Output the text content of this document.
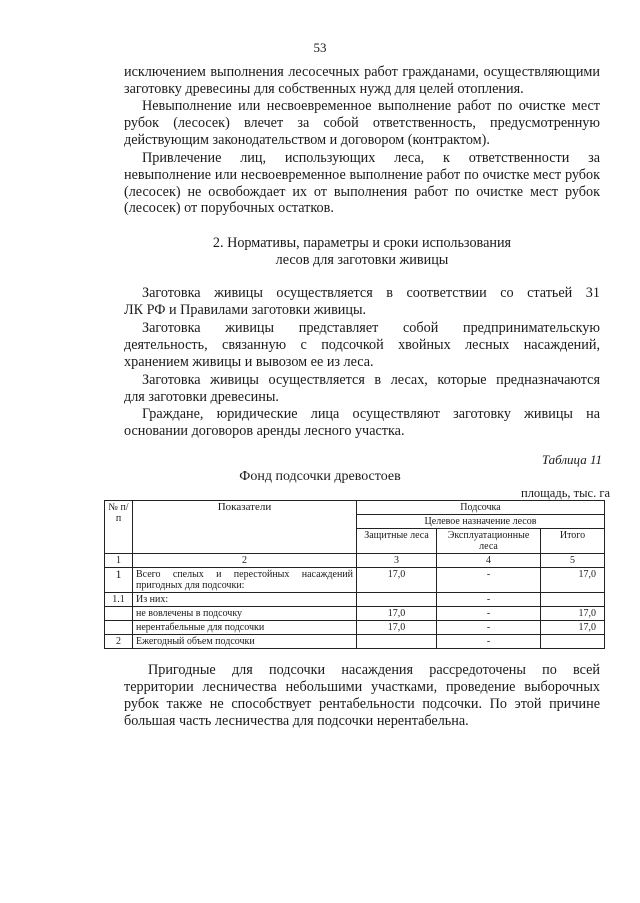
53
исключением выполнения лесосечных работ гражданами, осуществляющими
заготовку древесины для собственных нужд для целей отопления.
Невыполнение или несвоевременное выполнение работ по очистке мест
рубок (лесосек) влечет за собой ответственность, предусмотренную
действующим законодательством и договором (контрактом).
Привлечение лиц, использующих леса, к ответственности за
невыполнение или несвоевременное выполнение работ по очистке мест рубок
(лесосек) не освобождает их от выполнения работ по очистке мест рубок
(лесосек) от порубочных остатков.
2. Нормативы, параметры и сроки использования
лесов для заготовки живицы
Заготовка живицы осуществляется в соответствии со статьей 31
ЛК РФ и Правилами заготовки живицы.
Заготовка живицы представляет собой предпринимательскую
деятельность, связанную с подсочкой хвойных лесных насаждений,
хранением живицы и вывозом ее из леса.
Заготовка живицы осуществляется в лесах, которые предназначаются
для заготовки древесины.
Граждане, юридические лица осуществляют заготовку живицы на
основании договоров аренды лесного участка.
Таблица 11
Фонд подсочки древостоев
площадь, тыс. га
№ п/п	Показатели	Подсочка		
		Целевое назначение лесов		
		Защитные леса	Эксплуатационные леса	Итого
1	2	3	4	5
1	Всего спелых и перестойных насаждений пригодных для подсочки:	17,0	-	17,0
1.1	Из них:		-	
	не вовлечены в подсочку	17,0	-	17,0
	нерентабельные для подсочки	17,0	-	17,0
2	Ежегодный объем подсочки		-	
Пригодные для подсочки насаждения рассредоточены по всей
территории лесничества небольшими участками, проведение выборочных
рубок также не способствует рентабельности подсочки. По этой причине
большая часть лесничества для подсочки нерентабельна.
